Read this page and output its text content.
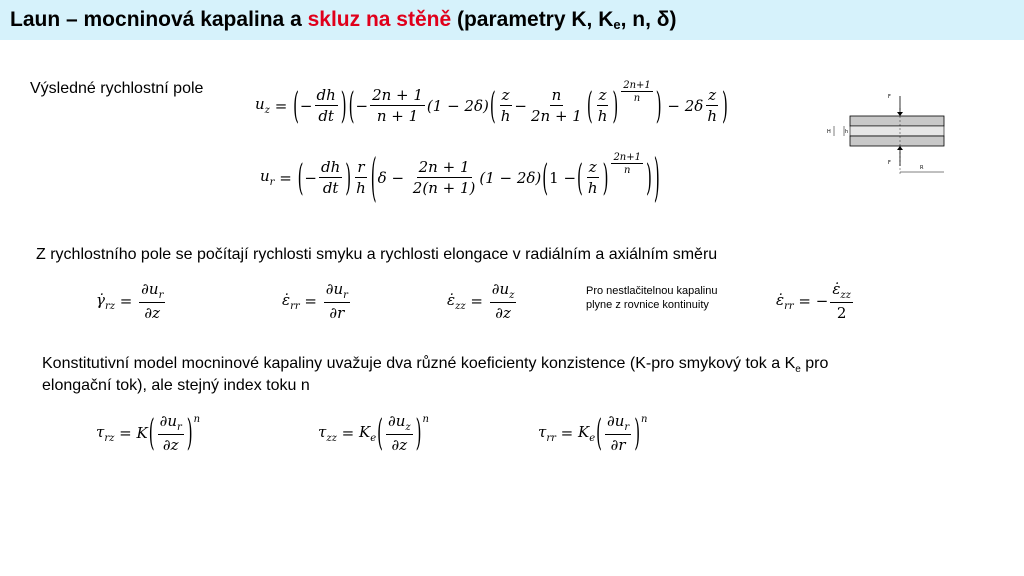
Laun – mocninová kapalina a skluz na stěně (parametry K, $K_e$, n, δ)
Výsledné rychlostní pole
$u_z$ = ( − $\frac{dh}{dt}$ ) ( − $\frac{2n + 1}{n + 1} (1 - 2\delta)$ ( $\frac{z}{h} - \frac{n}{2n + 1}$ ( $\frac{z}{h}$ ) $\frac{2n+1}{n}$ ) − $2\delta \frac{z}{h}$ )
$u_r$ = ( − $\frac{dh}{dt}$ ) $\frac{r}{h}$ ( $\delta - \frac{2n + 1}{2(n + 1)} (1 - 2\delta)$ ( 1 − ( $\frac{z}{h}$ ) $\frac{2n+1}{n}$ ) )
F
F
H	h
R
Z rychlostního pole se počítají rychlosti smyku a rychlosti elongace v radiálním a axiálním směru
$\gammȧ_{rz} = \frac{\partial u_r}{\partial z}$	$\varepsiloṅ_{rr} = \frac{\partial u_r}{\partial r}$	$\varepsiloṅ_{zz} = \frac{\partial u_z}{\partial z}$	Pro nestlačitelnou kapalinu
plyne z rovnice kontinuity	$\varepsiloṅ_{rr}$ = − $\frac{\varepsiloṅ_{zz}}{2}$
Konstitutivní model mocninové kapaliny uvažuje dva různé koeficienty konzistence (K-pro smykový tok a $K_e$ pro
elongační tok), ale stejný index toku n
$\tau_{rz} = K$ ( $\frac{\partial u_r}{\partial z}$ ) n
$\tau_{zz} = K_e$ ( $\frac{\partial u_z}{\partial z}$ ) n
$\tau_{rr} = K_e$ ( $\frac{\partial u_r}{\partial r}$ ) n
